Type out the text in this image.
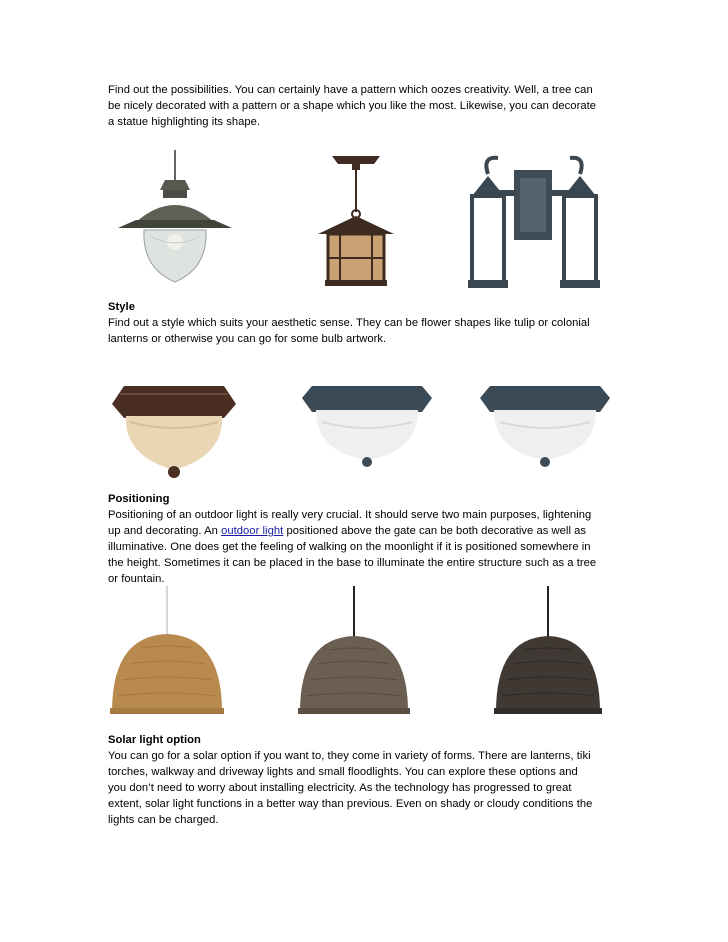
Find out the possibilities. You can certainly have a pattern which oozes creativity. Well, a tree can
be nicely decorated with a pattern or a shape which you like the most. Likewise, you can decorate
a statue highlighting its shape.

Style
Find out a style which suits your aesthetic sense. They can be flower shapes like tulip or colonial
lanterns or otherwise you can go for some bulb artwork.

Positioning
Positioning of an outdoor light is really very crucial. It should serve two main purposes, lightening
up and decorating. An outdoor light positioned above the gate can be both decorative as well as
illuminative. One does get the feeling of walking on the moonlight if it is positioned somewhere in
the height. Sometimes it can be placed in the base to illuminate the entire structure such as a tree
or fountain.

Solar light option
You can go for a solar option if you want to, they come in variety of forms. There are lanterns, tiki
torches, walkway and driveway lights and small floodlights. You can explore these options and
you don’t need to worry about installing electricity. As the technology has progressed to great
extent, solar light functions in a better way than previous. Even on shady or cloudy conditions the
lights can be charged.
